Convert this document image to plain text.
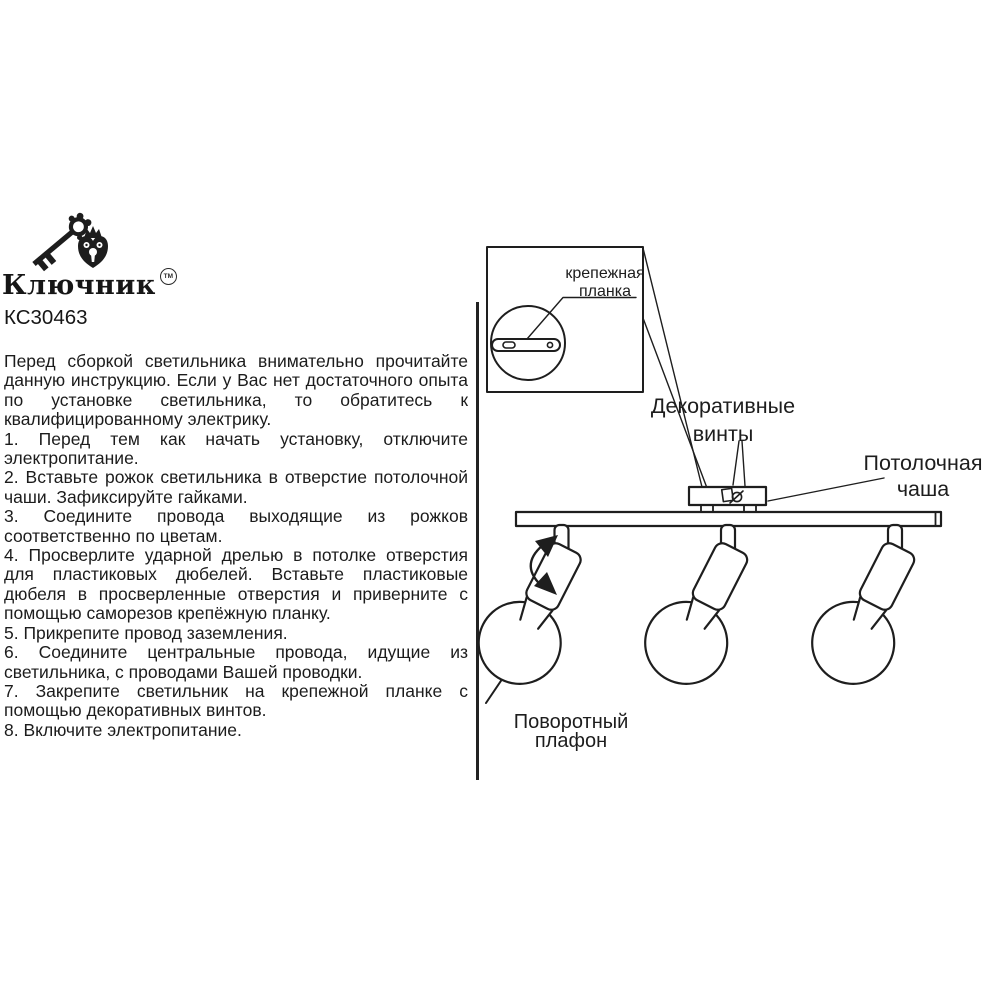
Ключник TM
КС30463

Перед сборкой светильника внимательно прочитайте данную инструкцию. Если у Вас нет достаточного опыта по установке светильника, то обратитесь к квалифицированному электрику.

1. Перед тем как начать установку, отключите электропитание.

2. Вставьте рожок светильника в отверстие потолочной чаши. Зафиксируйте гайками.

3. Соедините провода выходящие из рожков соответственно по цветам.

4. Просверлите ударной дрелью в потолке отверстия для пластиковых дюбелей. Вставьте пластиковые дюбеля в просверленные отверстия и приверните с помощью саморезов крепёжную планку.

5. Прикрепите провод заземления.

6. Соедините центральные провода, идущие из светильника, с проводами Вашей проводки.

7. Закрепите светильник на крепежной планке с помощью декоративных винтов.

8. Включите электропитание.

крепежная
планка
Декоративные
винты
Потолочная
чаша
Поворотный
плафон
